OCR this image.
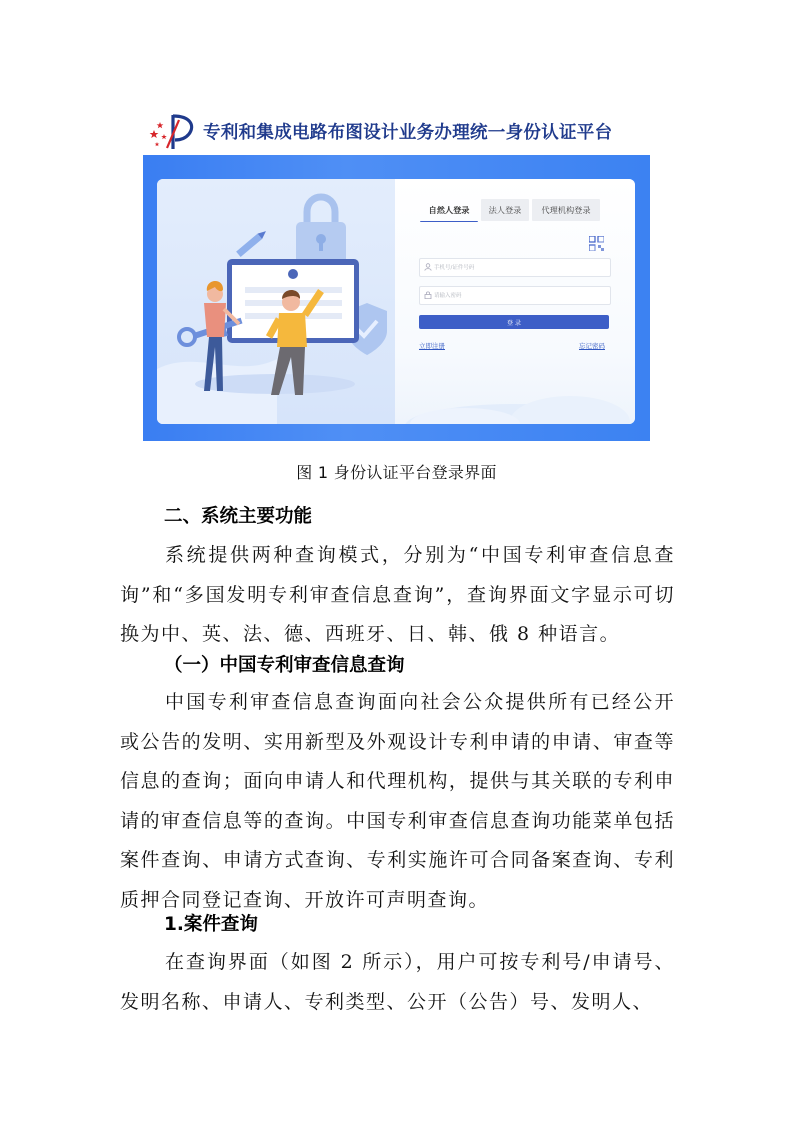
专利和集成电路布图设计业务办理统一身份认证平台
自然人登录	法人登录	代理机构登录
手机号/证件号码
登 录
立即注册	忘记密码
图 1 身份认证平台登录界面
二、系统主要功能

系统提供两种查询模式，分别为“中国专利审查信息查询”和“多国发明专利审查信息查询”，查询界面文字显示可切换为中、英、法、德、西班牙、日、韩、俄 8 种语言。

（一）中国专利审查信息查询

中国专利审查信息查询面向社会公众提供所有已经公开或公告的发明、实用新型及外观设计专利申请的申请、审查等信息的查询；面向申请人和代理机构，提供与其关联的专利申请的审查信息等的查询。中国专利审查信息查询功能菜单包括案件查询、申请方式查询、专利实施许可合同备案查询、专利质押合同登记查询、开放许可声明查询。

1.案件查询

在查询界面（如图 2 所示），用户可按专利号/申请号、发明名称、申请人、专利类型、公开（公告）号、发明人、
